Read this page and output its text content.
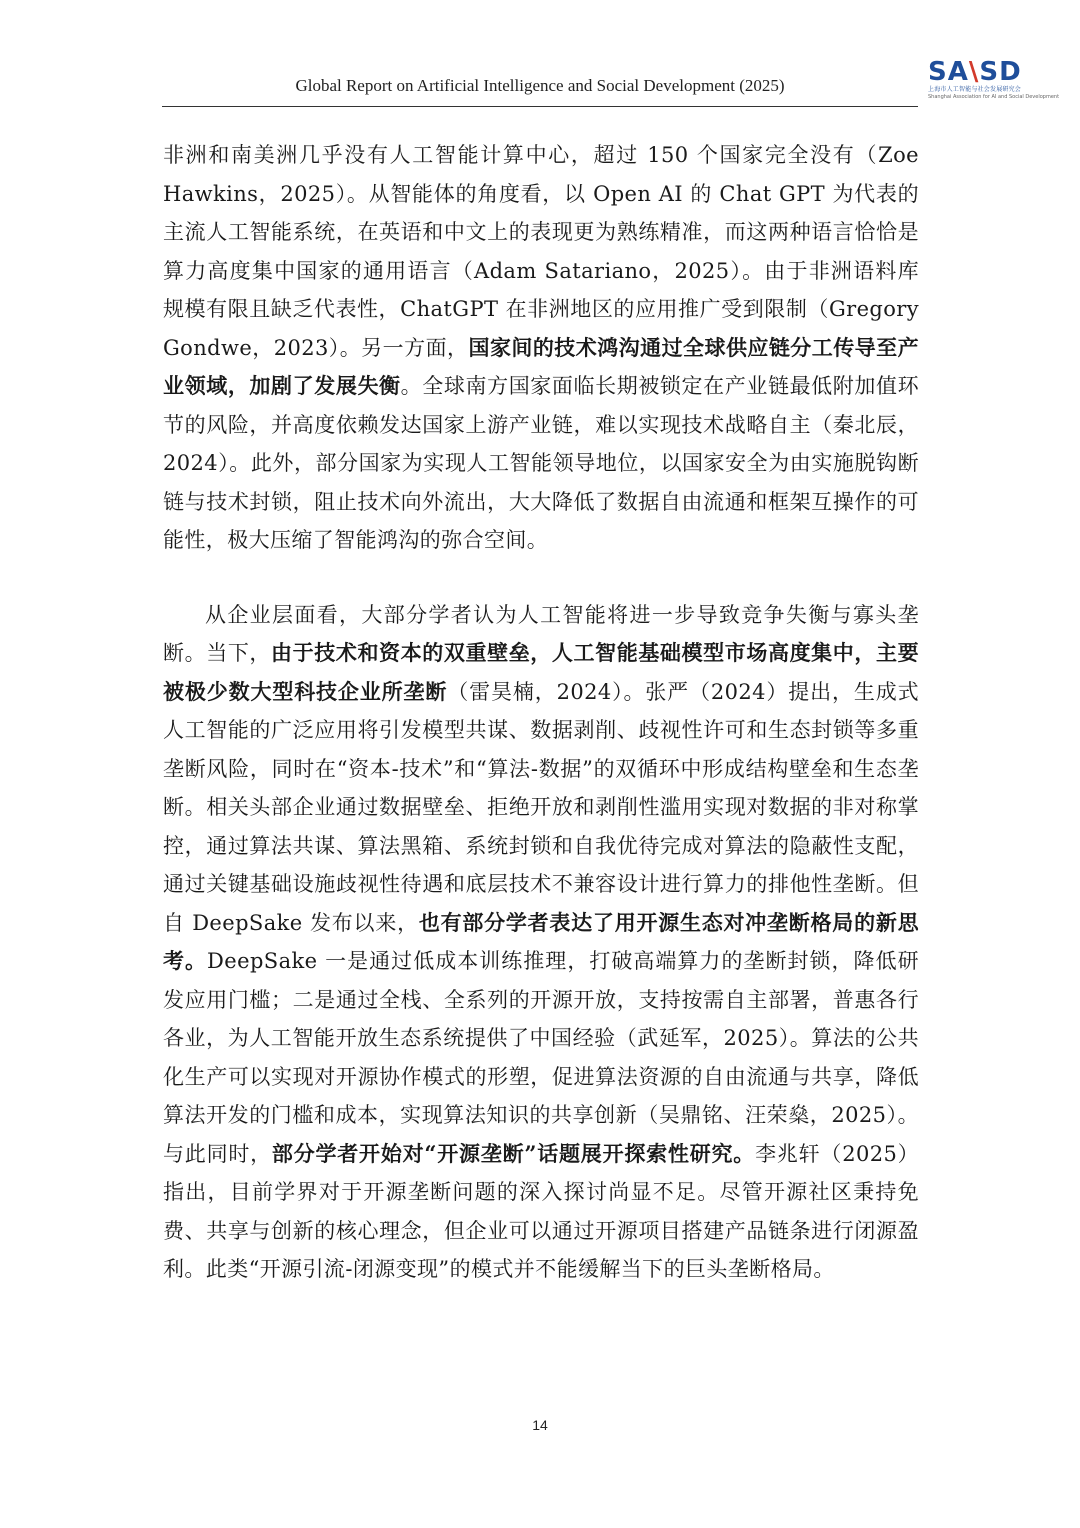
Global Report on Artificial Intelligence and Social Development (2025)	SA\SD
上海市人工智能与社会发展研究会
Shanghai Association for AI and Social Development

非洲和南美洲几乎没有人工智能计算中心，超过 150 个国家完全没有（Zoe Hawkins，2025）。从智能体的角度看，以 Open AI 的 Chat GPT 为代表的主流人工智能系统，在英语和中文上的表现更为熟练精准，而这两种语言恰恰是算力高度集中国家的通用语言（Adam Satariano，2025）。由于非洲语料库规模有限且缺乏代表性，ChatGPT 在非洲地区的应用推广受到限制（Gregory Gondwe，2023）。另一方面，国家间的技术鸿沟通过全球供应链分工传导至产业领域，加剧了发展失衡。全球南方国家面临长期被锁定在产业链最低附加值环节的风险，并高度依赖发达国家上游产业链，难以实现技术战略自主（秦北辰，2024）。此外，部分国家为实现人工智能领导地位，以国家安全为由实施脱钩断链与技术封锁，阻止技术向外流出，大大降低了数据自由流通和框架互操作的可能性，极大压缩了智能鸿沟的弥合空间。

从企业层面看，大部分学者认为人工智能将进一步导致竞争失衡与寡头垄断。当下，由于技术和资本的双重壁垒，人工智能基础模型市场高度集中，主要被极少数大型科技企业所垄断（雷昊楠，2024）。张严（2024）提出，生成式人工智能的广泛应用将引发模型共谋、数据剥削、歧视性许可和生态封锁等多重垄断风险，同时在“资本-技术”和“算法-数据”的双循环中形成结构壁垒和生态垄断。相关头部企业通过数据壁垒、拒绝开放和剥削性滥用实现对数据的非对称掌控，通过算法共谋、算法黑箱、系统封锁和自我优待完成对算法的隐蔽性支配，通过关键基础设施歧视性待遇和底层技术不兼容设计进行算力的排他性垄断。但自 DeepSake 发布以来，也有部分学者表达了用开源生态对冲垄断格局的新思考。DeepSake 一是通过低成本训练推理，打破高端算力的垄断封锁，降低研发应用门槛；二是通过全栈、全系列的开源开放，支持按需自主部署，普惠各行各业，为人工智能开放生态系统提供了中国经验（武延军，2025）。算法的公共化生产可以实现对开源协作模式的形塑，促进算法资源的自由流通与共享，降低算法开发的门槛和成本，实现算法知识的共享创新（吴鼎铭、汪荣燊，2025）。与此同时，部分学者开始对“开源垄断”话题展开探索性研究。李兆轩（2025）指出，目前学界对于开源垄断问题的深入探讨尚显不足。尽管开源社区秉持免费、共享与创新的核心理念，但企业可以通过开源项目搭建产品链条进行闭源盈利。此类“开源引流-闭源变现”的模式并不能缓解当下的巨头垄断格局。

14
